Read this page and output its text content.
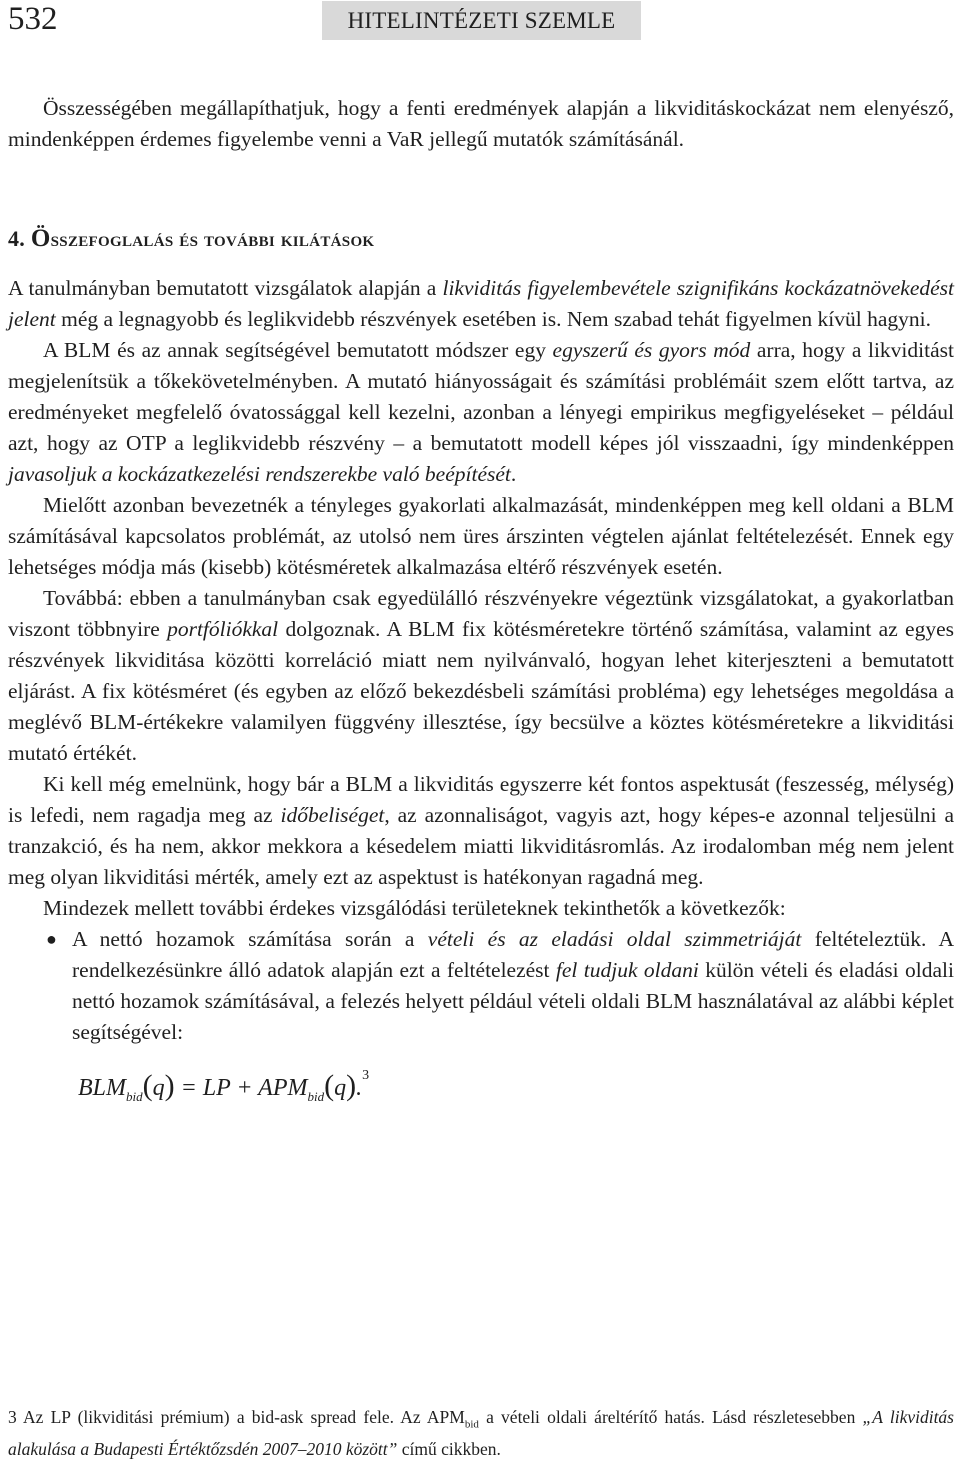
532	HITELINTÉZETI SZEMLE

Összességében megállapíthatjuk, hogy a fenti eredmények alapján a likviditáskockázat nem elenyésző, mindenképpen érdemes figyelembe venni a VaR jellegű mutatók számításánál.

4. Összefoglalás és további kilátások

A tanulmányban bemutatott vizsgálatok alapján a likviditás figyelembevétele szignifikáns kockázatnövekedést jelent még a legnagyobb és leglikvidebb részvények esetében is. Nem szabad tehát figyelmen kívül hagyni.

A BLM és az annak segítségével bemutatott módszer egy egyszerű és gyors mód arra, hogy a likviditást megjelenítsük a tőkekövetelményben. A mutató hiányosságait és számítási problémáit szem előtt tartva, az eredményeket megfelelő óvatossággal kell kezelni, azonban a lényegi empirikus megfigyeléseket – például azt, hogy az OTP a leglikvidebb részvény – a bemutatott modell képes jól visszaadni, így mindenképpen javasoljuk a kockázatkezelési rendszerekbe való beépítését.

Mielőtt azonban bevezetnék a tényleges gyakorlati alkalmazását, mindenképpen meg kell oldani a BLM számításával kapcsolatos problémát, az utolsó nem üres árszinten végtelen ajánlat feltételezését. Ennek egy lehetséges módja más (kisebb) kötésméretek alkalmazása eltérő részvények esetén.

Továbbá: ebben a tanulmányban csak egyedülálló részvényekre végeztünk vizsgálatokat, a gyakorlatban viszont többnyire portfóliókkal dolgoznak. A BLM fix kötésméretekre történő számítása, valamint az egyes részvények likviditása közötti korreláció miatt nem nyilvánvaló, hogyan lehet kiterjeszteni a bemutatott eljárást. A fix kötésméret (és egyben az előző bekezdésbeli számítási probléma) egy lehetséges megoldása a meglévő BLM-értékekre valamilyen függvény illesztése, így becsülve a köztes kötésméretekre a likviditási mutató értékét.

Ki kell még emelnünk, hogy bár a BLM a likviditás egyszerre két fontos aspektusát (feszesség, mélység) is lefedi, nem ragadja meg az időbeliséget, az azonnaliságot, vagyis azt, hogy képes-e azonnal teljesülni a tranzakció, és ha nem, akkor mekkora a késedelem miatti likviditásromlás. Az irodalomban még nem jelent meg olyan likviditási mérték, amely ezt az aspektust is hatékonyan ragadná meg.

Mindezek mellett további érdekes vizsgálódási területeknek tekinthetők a következők:

● A nettó hozamok számítása során a vételi és az eladási oldal szimmetriáját feltételeztük. A rendelkezésünkre álló adatok alapján ezt a feltételezést fel tudjuk oldani külön vételi és eladási oldali nettó hozamok számításával, a felezés helyett például vételi oldali BLM használatával az alábbi képlet segítségével:
$BLM_{bid}(q)$ = LP + $APM_{bid}(q).^3$
3 Az LP (likviditási prémium) a bid-ask spread fele. Az $APM_{bid}$ a vételi oldali áreltérítő hatás. Lásd részletesebben „A likviditás alakulása a Budapesti Értéktőzsdén 2007–2010 között” című cikkben.
